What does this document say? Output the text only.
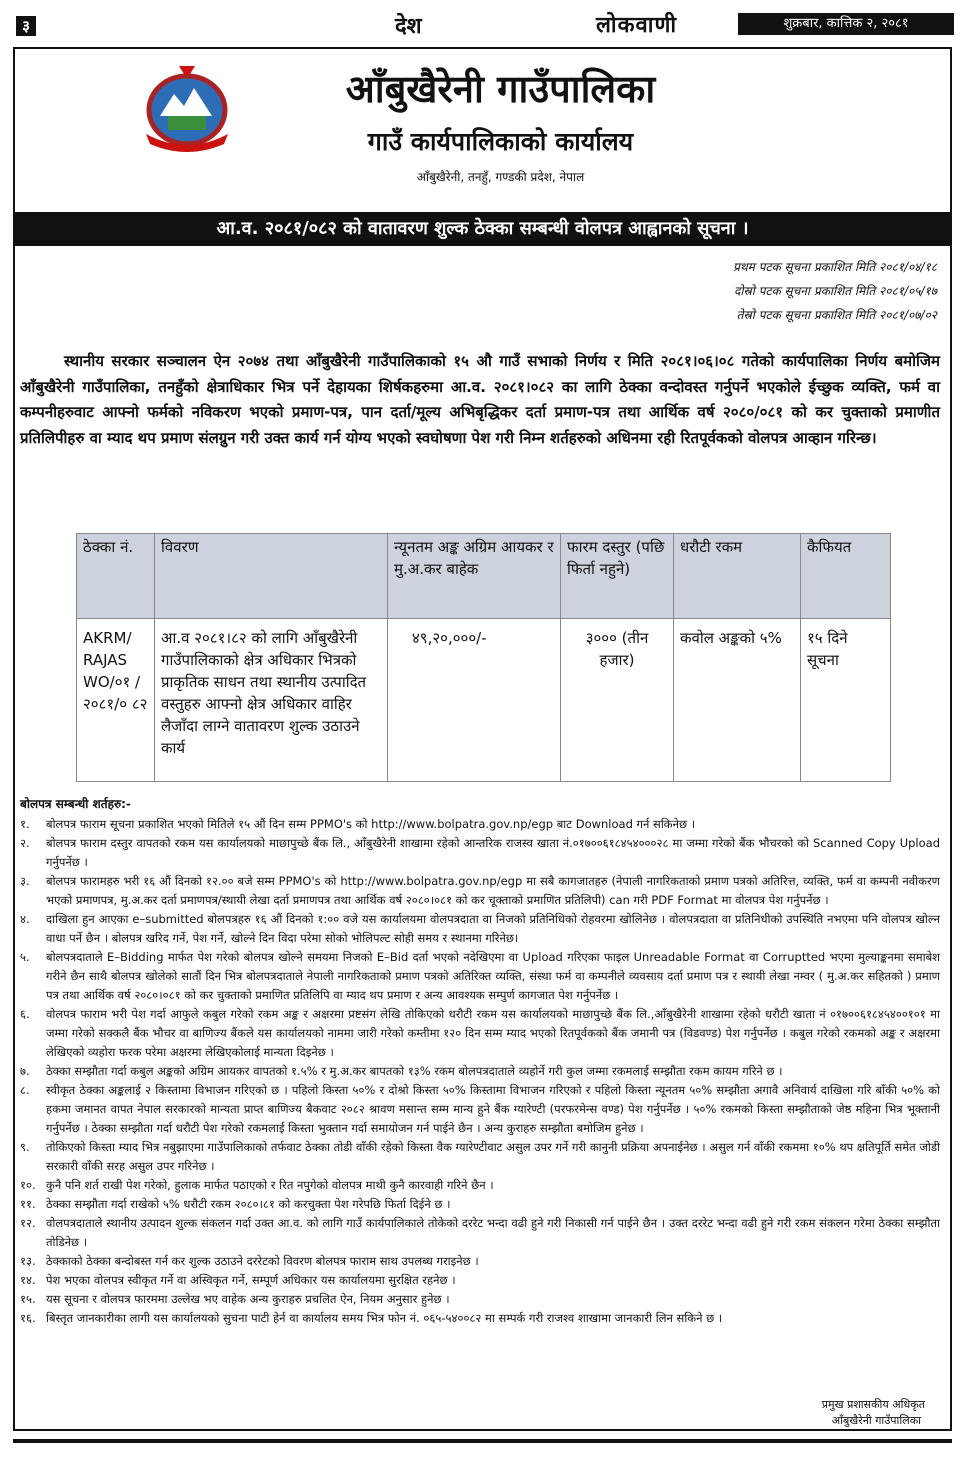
३	देश	लोकवाणी	शुक्रबार, कात्तिक २, २०८१
आँबुखैरेनी गाउँपालिका
गाउँ कार्यपालिकाको कार्यालय
आँबुखैरेनी, तनहुँ, गण्डकी प्रदेश, नेपाल
आ.व. २०८१/०८२ को वातावरण शुल्क ठेक्का सम्बन्धी वोलपत्र आह्वानको सूचना ।
प्रथम पटक सूचना प्रकाशित मिति २०८१/०४/१८
दोस्रो पटक सूचना प्रकाशित मिति २०८१/०५/१७
तेस्रो पटक सूचना प्रकाशित मिति २०८१/०७/०२

स्थानीय सरकार सञ्चालन ऐन २०७४ तथा आँबुखैरेनी गाउँपालिकाको १५ औ गाउँ सभाको निर्णय र मिति २०८१।०६।०८ गतेको कार्यपालिका निर्णय बमोजिम आँबुखैरेनी गाउँपालिका, तनहुँको क्षेत्राधिकार भित्र पर्ने देहायका शिर्षकहरुमा आ.व. २०८१।०८२ का लागि ठेक्का वन्दोवस्त गर्नुपर्ने भएकोले ईच्छुक व्यक्ति, फर्म वा कम्पनीहरुवाट आफ्नो फर्मको नविकरण भएको प्रमाण-पत्र, पान दर्ता/मूल्य अभिबृद्धिकर दर्ता प्रमाण-पत्र तथा आर्थिक वर्ष २०८०/०८१ को कर चुक्ताको प्रमाणीत प्रतिलिपीहरु वा म्याद थप प्रमाण संलग्रुन गरी उक्त कार्य गर्न योग्य भएको स्वघोषणा पेश गरी निम्न शर्तहरुको अधिनमा रही रितपूर्वकको वोलपत्र आव्हान गरिन्छ।

ठेक्का नं.	विवरण	न्यूनतम अङ्क अग्रिम आयकर र मु.अ.कर बाहेक	फारम दस्तुर (पछि फिर्ता नहुने)	धरौटी रकम	कैफियत
AKRM/ RAJAS WO/०१ /२०८१/० ८२	आ.व २०८१।८२ को लागि आँबुखैरेनी गाउँपालिकाको क्षेत्र अधिकार भित्रको प्राकृतिक साधन तथा स्थानीय उत्पादित वस्तुहरु आफ्नो क्षेत्र अधिकार वाहिर लैजाँदा लाग्ने वातावरण शुल्क उठाउने कार्य	४९,२०,०००/-	३००० (तीन हजार)	कवोल अङ्कको ५%	१५ दिने सूचना
बोलपत्र सम्बन्धी शर्तहरु:-
१. बोलपत्र फाराम सूचना प्रकाशित भएको मितिले १५ औं दिन सम्म PPMO's को http://www.bolpatra.gov.np/egp बाट Download गर्न सकिनेछ ।
२. बोलपत्र फाराम दस्तुर वापतको रकम यस कार्यालयको माछापुच्छे बैंक लि., आँबुखैरेनी शाखामा रहेको आन्तरिक राजस्व खाता नं.०१७००६१८४५४०००२८ मा जम्मा गरेको बैंक भौचरको को Scanned Copy Upload गर्नुपर्नेछ ।
३. बोलपत्र फारामहरु भरी १६ औं दिनको १२.०० बजे सम्म PPMO's को http://www.bolpatra.gov.np/egp मा सबै कागजातहरु (नेपाली नागरिकताको प्रमाण पत्रको अतिरित्त, व्यक्ति, फर्म वा कम्पनी नवीकरण भएको प्रमाणपत्र, मु.अ.कर दर्ता प्रमाणपत्र/स्थायी लेखा दर्ता प्रमाणपत्र तथा आर्थिक वर्ष २०८०।०८१ को कर चूक्ताको प्रमाणित प्रतिलिपी) can गरी PDF Format मा वोलपत्र पेश गर्नुपर्नेछ ।
४. दाखिला हुन आएका e–submitted बोलपत्रहरु १६ औं दिनको १:०० वजे यस कार्यालयमा वोलपत्रदाता वा निजको प्रतिनिधिको रोहवरमा खोलिनेछ । वोलपत्रदाता वा प्रतिनिधीको उपस्थिति नभएमा पनि वोलपत्र खोल्न वाधा पर्ने छैन । बोलपत्र खरिद गर्ने, पेश गर्ने, खोल्ने दिन विदा परेमा सोको भोलिपल्ट सोही समय र स्थानमा गरिनेछ।
५. बोलपत्रदाताले E–Bidding मार्फत पेश गरेको बोलपत्र खोल्ने समयमा निजको E–Bid दर्ता भएको नदेखिएमा वा Upload गरिएका फाइल Unreadable Format वा Corruptted भएमा मुल्याङ्कनमा समाबेश गरीने छैन साथै बोलपत्र खोलेको सातौं दिन भित्र बोलपत्रदाताले नेपाली नागरिकताको प्रमाण पत्रको अतिरिक्त व्यक्ति, संस्था फर्म वा कम्पनीले व्यवसाय दर्ता प्रमाण पत्र र स्थायी लेखा नम्वर ( मु.अ.कर सहितको ) प्रमाण पत्र तथा आर्थिक वर्ष २०८०।०८१ को कर चुक्ताको प्रमाणित प्रतिलिपि वा म्याद थप प्रमाण र अन्य आवश्यक सम्पुर्ण कागजात पेश गर्नुपर्नेछ ।
६. वोलपत्र फाराम भरी पेश गर्दा आफुले कबुल गरेको रकम अङ्क र अक्षरमा प्रष्टसंग लेखि तोकिएको धरौटी रकम यस कार्यालयको माछापुच्छे बैंक लि.,आँबुखैरेनी शाखामा रहेको धरौटी खाता नं ०१७००६१८४५४००१०१ मा जम्मा गरेको सक्कलै बैंक भौचर वा बाणिज्य बैंकले यस कार्यालयको नाममा जारी गरेको कम्तीमा १२० दिन सम्म म्याद भएको रितपूर्वकको बैंक जमानी पत्र (विडवण्ड) पेश गर्नुपर्नेछ । कबुल गरेको रकमको अङ्क र अक्षरमा लेखिएको व्यहोरा फरक परेमा अक्षरमा लेखिएकोलाई मान्यता दिइनेछ ।
७. ठेक्का सम्झौता गर्दा कबुल अङ्कको अग्रिम आयकर वापतको १.५% र मु.अ.कर बापतको १३% रकम बोलपत्रदाताले व्यहोर्ने गरी कुल जम्मा रकमलाई सम्झौता रकम कायम गरिने छ ।
८. स्वीकृत ठेक्का अङ्कलाई २ किस्तामा विभाजन गरिएको छ । पहिलो किस्ता ५०% र दोश्रो किस्ता ५०% किस्तामा विभाजन गरिएको र पहिलो किस्ता न्यूनतम ५०% सम्झौता अगावै अनिवार्य दाखिला गरि बाँकी ५०% को हकमा जमानत वापत नेपाल सरकारको मान्यता प्राप्त बाणिज्य बैकवाट २०८२ श्रावण मसान्त सम्म मान्य हुने बैंक ग्यारेण्टी (परफरमेन्स वण्ड) पेश गर्नुपर्नेछ । ५०% रकमको किस्ता सम्झौताको जेष्ठ महिना भित्र भूक्तानी गर्नुपर्नेछ । ठेक्का सम्झौता गर्दा धरौटी पेश गरेको रकमलाई किस्ता भुक्तान गर्दा समायोजन गर्न पाईने छैन । अन्य कुराहरु सम्झौता बमोजिम हुनेछ ।
९. तोकिएको किस्ता म्याद भित्र नबुझाएमा गाउँपालिकाको तर्फवाट ठेक्का तोडी वाँकी रहेको किस्ता वैक ग्यारेण्टीवाट असुल उपर गर्ने गरी कानुनी प्रक्रिया अपनाईनेछ । असुल गर्न वाँकी रकममा १०% थप क्षतिपूर्ति समेत जोडी सरकारी वाँकी सरह असुल उपर गरिनेछ ।
१०. कुनै पनि शर्त राखी पेश गरेको, हुलाक मार्फत पठाएको र रित नपुगेको वोलपत्र माथी कुनै कारवाही गरिने छैन ।
११. ठेक्का सम्झौता गर्दा राखेको ५% धरौटी रकम २०८०।८१ को करचुक्ता पेश गरेपछि फिर्ता दिईने छ ।
१२. वोलपत्रदाताले स्थानीय उत्पादन शुल्क संकलन गर्दा उक्त आ.व. को लागि गाउँ कार्यपालिकाले तोकेको दररेट भन्दा वढी हुने गरी निकासी गर्न पाईने छैन । उक्त दररेट भन्दा वढी हुने गरी रकम संकलन गरेमा ठेक्का सम्झौता तोडिनेछ ।
१३. ठेक्काको ठेक्का बन्दोबस्त गर्न कर शुल्क उठाउने दररेटको विवरण बोलपत्र फाराम साथ उपलब्ध गराइनेछ ।
१४. पेश भएका वोलपत्र स्वीकृत गर्ने वा अस्विकृत गर्ने, सम्पूर्ण अधिकार यस कार्यालयमा सुरक्षित रहनेछ ।
१५. यस सूचना र वोलपत्र फारममा उल्लेख भए वाहेक अन्य कुराहरु प्रचलित ऐन, नियम अनुसार हुनेछ ।
१६. बिस्तृत जानकारीका लागी यस कार्यालयको सुचना पाटी हेर्न वा कार्यालय समय भित्र फोन नं. ०६५-५४००८२ मा सम्पर्क गरी राजश्व शाखामा जानकारी लिन सकिने छ ।
प्रमुख प्रशासकीय अधिकृत
आँबुखैरेनी गाउँपालिका
